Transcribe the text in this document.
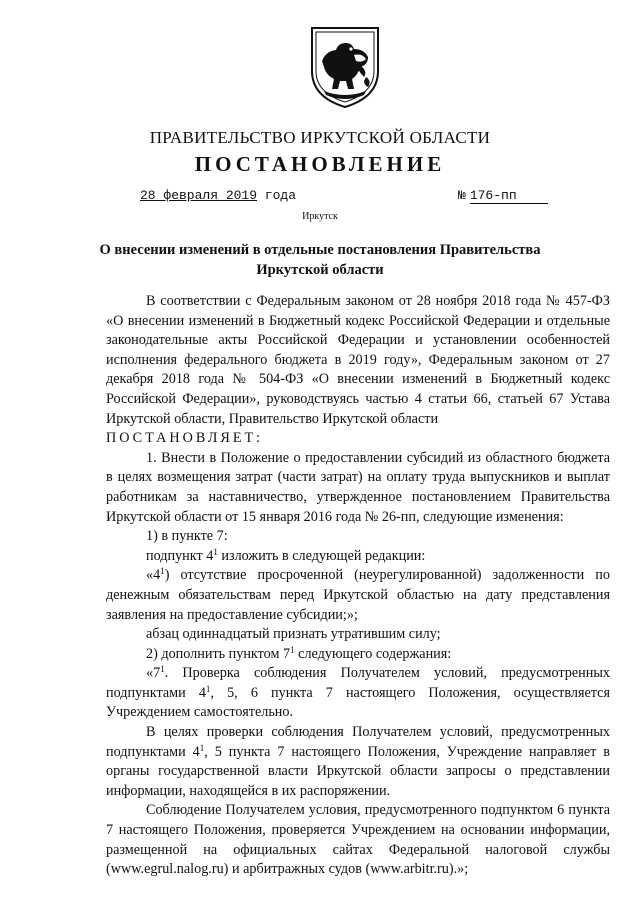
ПРАВИТЕЛЬСТВО ИРКУТСКОЙ ОБЛАСТИ
ПОСТАНОВЛЕНИЕ
28 февраля 2019 года	№ 176-пп
Иркутск
О внесении изменений в отдельные постановления Правительства
Иркутской области

В соответствии с Федеральным законом от 28 ноября 2018 года № 457-ФЗ «О внесении изменений в Бюджетный кодекс Российской Федерации и отдельные законодательные акты Российской Федерации и установлении особенностей исполнения федерального бюджета в 2019 году», Федеральным законом от 27 декабря 2018 года № 504-ФЗ «О внесении изменений в Бюджетный кодекс Российской Федерации», руководствуясь частью 4 статьи 66, статьей 67 Устава Иркутской области, Правительство Иркутской области

ПОСТАНОВЛЯЕТ:

1. Внести в Положение о предоставлении субсидий из областного бюджета в целях возмещения затрат (части затрат) на оплату труда выпускников и выплат работникам за наставничество, утвержденное постановлением Правительства Иркутской области от 15 января 2016 года № 26-пп, следующие изменения:

1) в пункте 7:

подпункт $4^1$ изложить в следующей редакции:

«$4^1$) отсутствие просроченной (неурегулированной) задолженности по денежным обязательствам перед Иркутской областью на дату представления заявления на предоставление субсидии;»;

абзац одиннадцатый признать утратившим силу;

2) дополнить пунктом $7^1$ следующего содержания:

«$7^1$. Проверка соблюдения Получателем условий, предусмотренных подпунктами $4^1$, 5, 6 пункта 7 настоящего Положения, осуществляется Учреждением самостоятельно.

В целях проверки соблюдения Получателем условий, предусмотренных подпунктами $4^1$, 5 пункта 7 настоящего Положения, Учреждение направляет в органы государственной власти Иркутской области запросы о представлении информации, находящейся в их распоряжении.

Соблюдение Получателем условия, предусмотренного подпунктом 6 пункта 7 настоящего Положения, проверяется Учреждением на основании информации, размещенной на официальных сайтах Федеральной налоговой службы (www.egrul.nalog.ru) и арбитражных судов (www.arbitr.ru).»;
